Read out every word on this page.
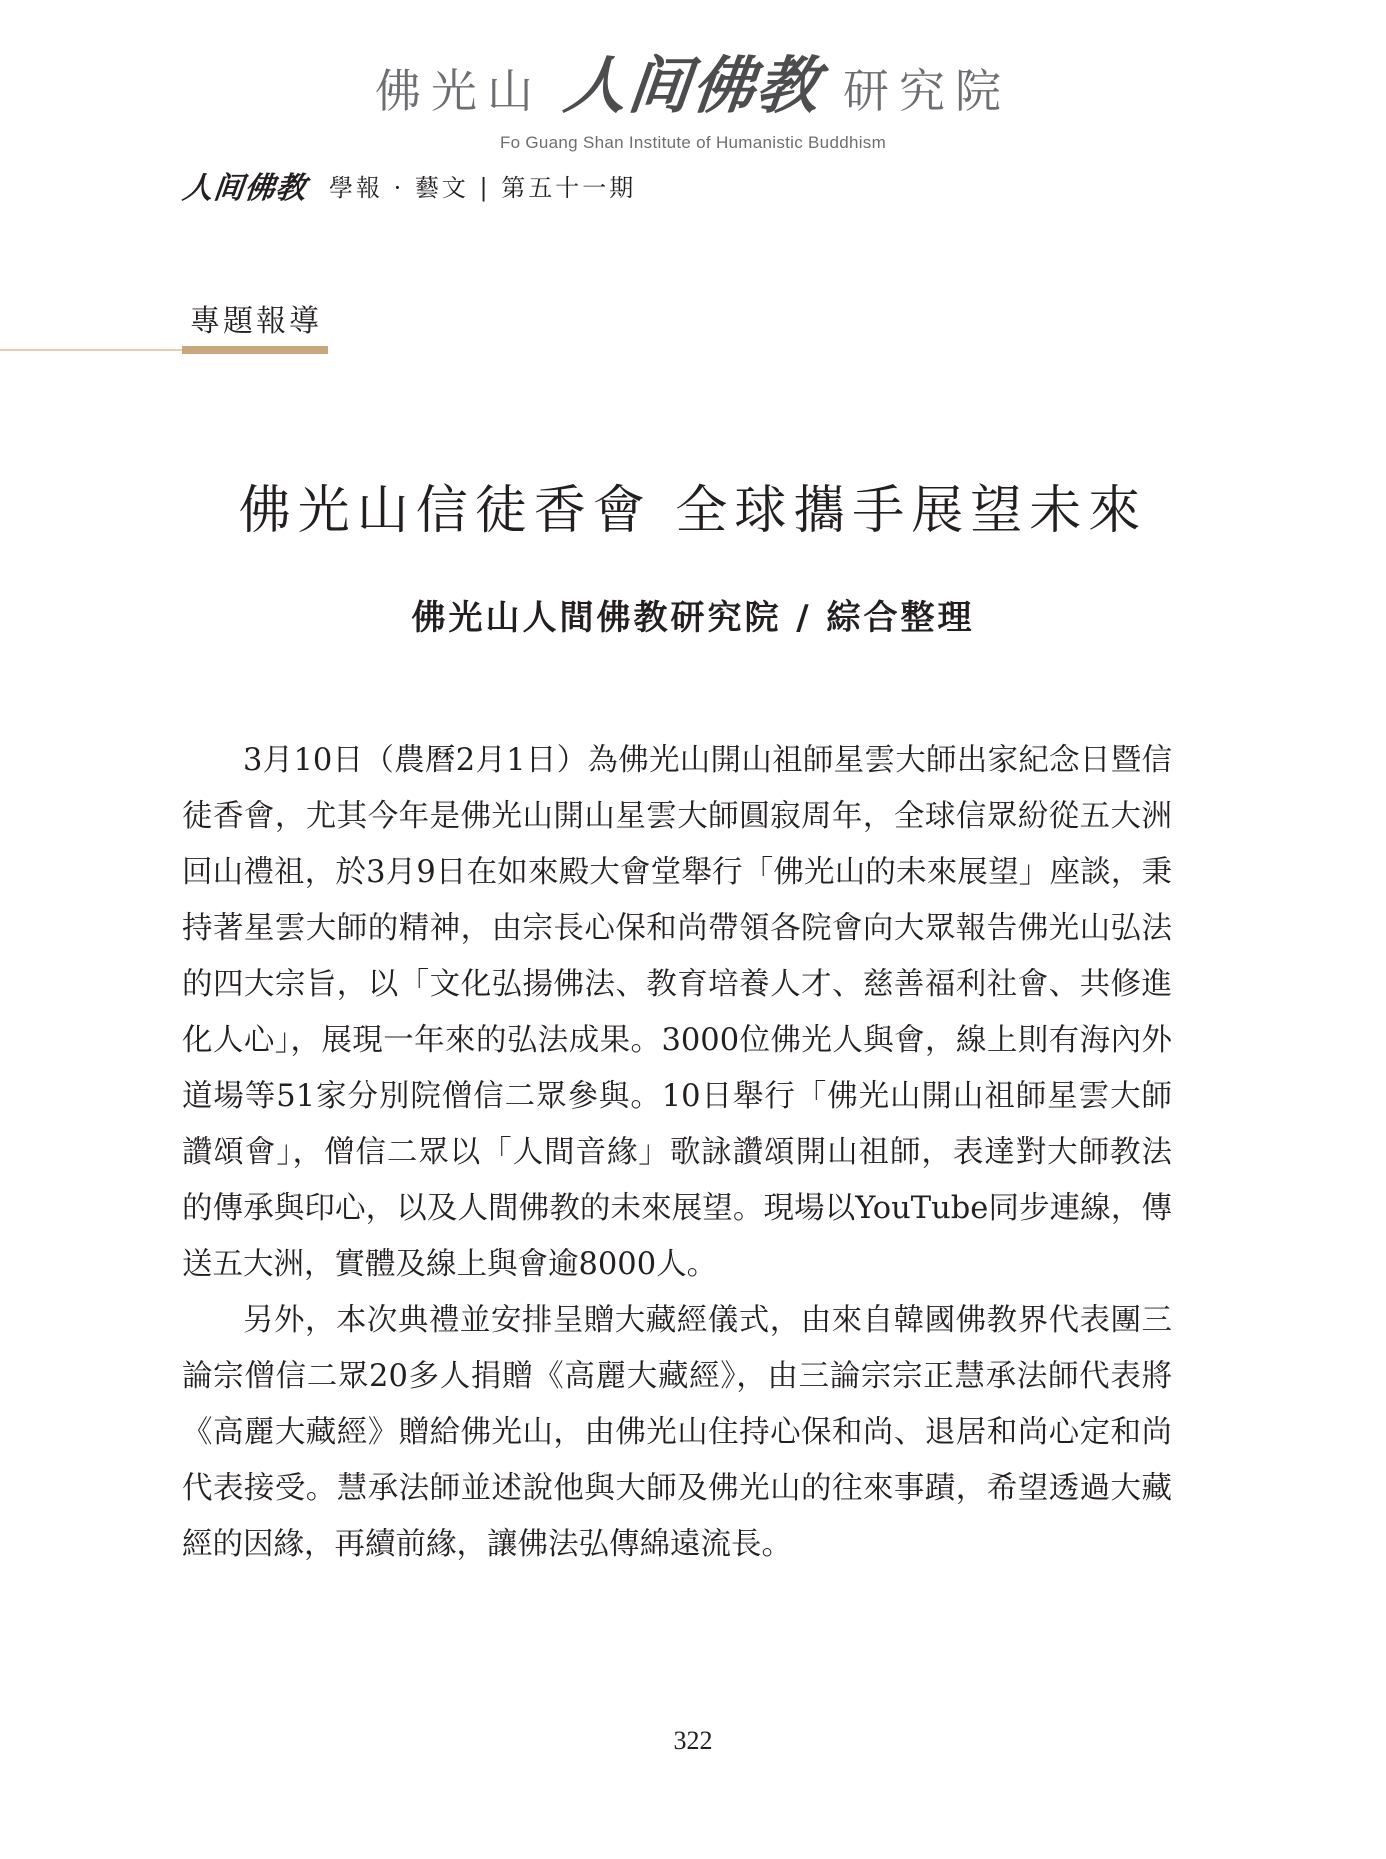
佛光山 人间佛教 研究院
Fo Guang Shan Institute of Humanistic Buddhism
人间佛教 學報 · 藝文 | 第五十一期
專題報導
佛光山信徒香會 全球攜手展望未來
佛光山人間佛教研究院 / 綜合整理

3月10日（農曆2月1日）為佛光山開山祖師星雲大師出家紀念日暨信徒香會，尤其今年是佛光山開山星雲大師圓寂周年，全球信眾紛從五大洲回山禮祖，於3月9日在如來殿大會堂舉行「佛光山的未來展望」座談，秉持著星雲大師的精神，由宗長心保和尚帶領各院會向大眾報告佛光山弘法的四大宗旨，以「文化弘揚佛法、教育培養人才、慈善福利社會、共修進化人心」，展現一年來的弘法成果。3000位佛光人與會，線上則有海內外道場等51家分別院僧信二眾參與。10日舉行「佛光山開山祖師星雲大師讚頌會」，僧信二眾以「人間音緣」歌詠讚頌開山祖師，表達對大師教法的傳承與印心，以及人間佛教的未來展望。現場以YouTube同步連線，傳送五大洲，實體及線上與會逾8000人。

另外，本次典禮並安排呈贈大藏經儀式，由來自韓國佛教界代表團三論宗僧信二眾20多人捐贈《高麗大藏經》，由三論宗宗正慧承法師代表將《高麗大藏經》贈給佛光山，由佛光山住持心保和尚、退居和尚心定和尚代表接受。慧承法師並述說他與大師及佛光山的往來事蹟，希望透過大藏經的因緣，再續前緣，讓佛法弘傳綿遠流長。

322
